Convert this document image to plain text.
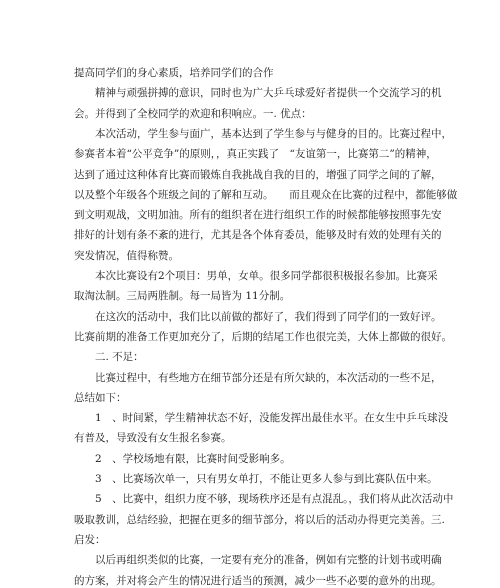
提高同学们的身心素质，培养同学们的合作
精神与顽强拼搏的意识，同时也为广大乒乓球爱好者提供一个交流学习的机
会。并得到了全校同学的欢迎和积响应。一. 优点：
本次活动，学生参与面广，基本达到了学生参与与健身的目的。比赛过程中，
参赛者本着“公平竞争”的原则，，真正实践了　“友谊第一，比赛第二”的精神，
达到了通过这种体育比赛而锻炼自我挑战自我的目的，增强了同学之间的了解，
以及整个年级各个班级之间的了解和互动。　　而且观众在比赛的过程中，都能够做
到文明观战，文明加油。所有的组织者在进行组织工作的时候都能够按照事先安
排好的计划有条不紊的进行，尤其是各个体育委员，能够及时有效的处理有关的
突发情况，值得称赞。
本次比赛设有2个项目：男单，女单。很多同学都很积极报名参加。比赛采
取淘汰制。三局两胜制。每一局皆为 11分制。
在这次的活动中，我们比以前做的都好了，我们得到了同学们的一致好评。
比赛前期的准备工作更加充分了，后期的结尾工作也很完美，大体上都做的很好。
二. 不足：
比赛过程中，有些地方在细节部分还是有所欠缺的，本次活动的一些不足，
总结如下：
1　、时间紧，学生精神状态不好，没能发挥出最佳水平。在女生中乒乓球没
有普及，导致没有女生报名参赛。
2　、学校场地有限，比赛时间受影响多。
3　、比赛场次单一，只有男女单打，不能让更多人参与到比赛队伍中来。
5　、比赛中，组织力度不够，现场秩序还是有点混乱。，我们将从此次活动中
吸取教训，总结经验，把握在更多的细节部分，将以后的活动办得更完美善。三.
启发：
以后再组织类似的比赛，一定要有充分的准备，例如有完整的计划书或明确
的方案，并对将会产生的情况进行适当的预测，减少一些不必要的意外的出现。
